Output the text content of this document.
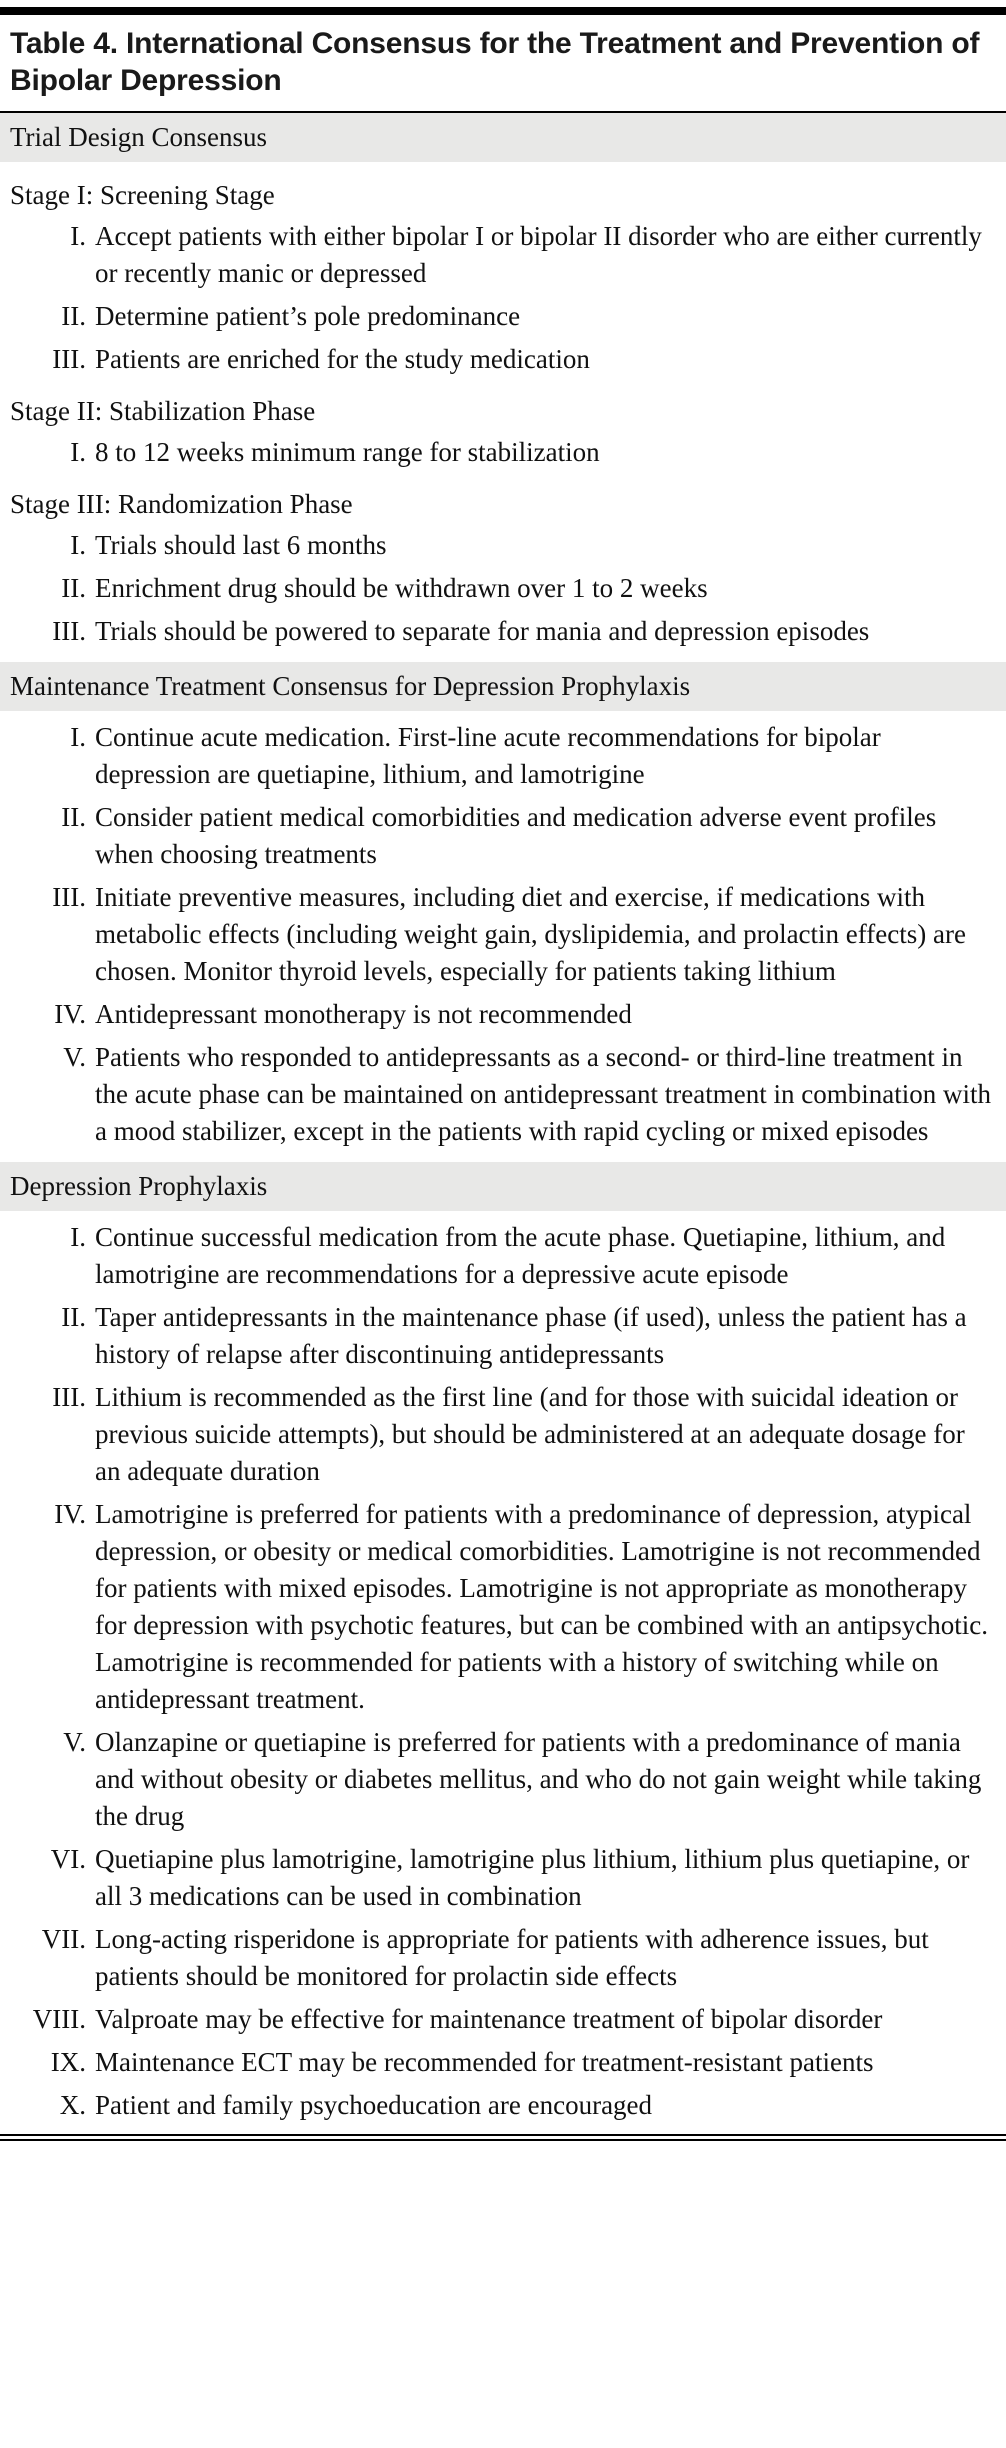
Table 4. International Consensus for the Treatment and Prevention of Bipolar Depression
Trial Design Consensus
Stage I: Screening Stage
I. Accept patients with either bipolar I or bipolar II disorder who are either currently or recently manic or depressed
II. Determine patient’s pole predominance
III. Patients are enriched for the study medication
Stage II: Stabilization Phase
I. 8 to 12 weeks minimum range for stabilization
Stage III: Randomization Phase
I. Trials should last 6 months
II. Enrichment drug should be withdrawn over 1 to 2 weeks
III. Trials should be powered to separate for mania and depression episodes
Maintenance Treatment Consensus for Depression Prophylaxis
I. Continue acute medication. First-line acute recommendations for bipolar depression are quetiapine, lithium, and lamotrigine
II. Consider patient medical comorbidities and medication adverse event profiles when choosing treatments
III. Initiate preventive measures, including diet and exercise, if medications with metabolic effects (including weight gain, dyslipidemia, and prolactin effects) are chosen. Monitor thyroid levels, especially for patients taking lithium
IV. Antidepressant monotherapy is not recommended
V. Patients who responded to antidepressants as a second- or third-line treatment in the acute phase can be maintained on antidepressant treatment in combination with a mood stabilizer, except in the patients with rapid cycling or mixed episodes
Depression Prophylaxis
I. Continue successful medication from the acute phase. Quetiapine, lithium, and lamotrigine are recommendations for a depressive acute episode
II. Taper antidepressants in the maintenance phase (if used), unless the patient has a history of relapse after discontinuing antidepressants
III. Lithium is recommended as the first line (and for those with suicidal ideation or previous suicide attempts), but should be administered at an adequate dosage for an adequate duration
IV. Lamotrigine is preferred for patients with a predominance of depression, atypical depression, or obesity or medical comorbidities. Lamotrigine is not recommended for patients with mixed episodes. Lamotrigine is not appropriate as monotherapy for depression with psychotic features, but can be combined with an antipsychotic. Lamotrigine is recommended for patients with a history of switching while on antidepressant treatment.
V. Olanzapine or quetiapine is preferred for patients with a predominance of mania and without obesity or diabetes mellitus, and who do not gain weight while taking the drug
VI. Quetiapine plus lamotrigine, lamotrigine plus lithium, lithium plus quetiapine, or all 3 medications can be used in combination
VII. Long-acting risperidone is appropriate for patients with adherence issues, but patients should be monitored for prolactin side effects
VIII. Valproate may be effective for maintenance treatment of bipolar disorder
IX. Maintenance ECT may be recommended for treatment-resistant patients
X. Patient and family psychoeducation are encouraged
